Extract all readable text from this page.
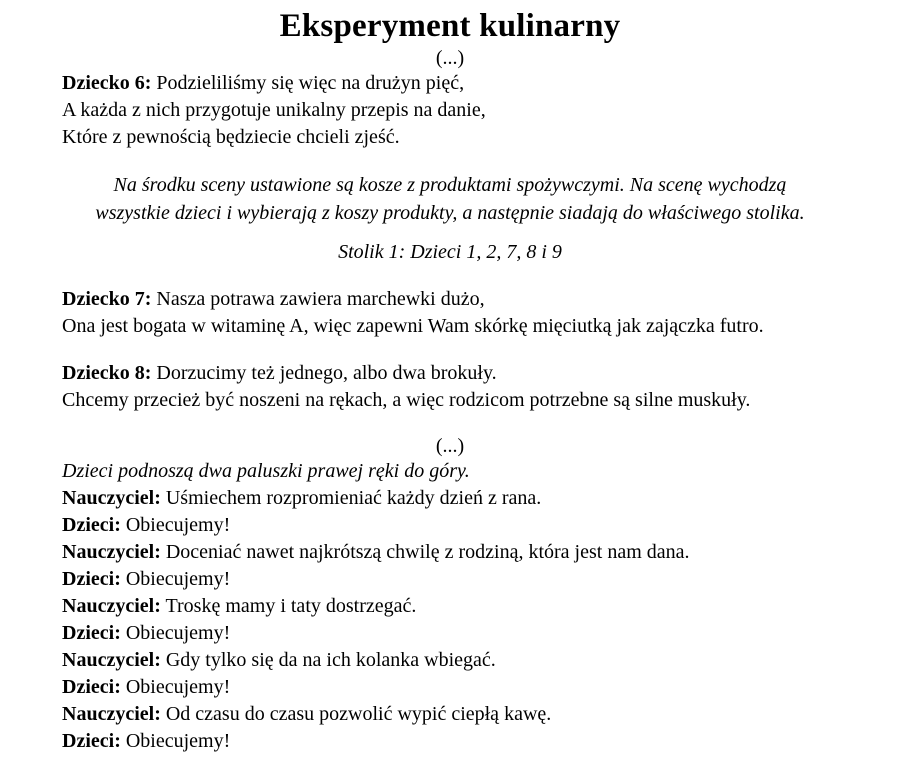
Eksperyment kulinarny
(...)

Dziecko 6: Podzieliliśmy się więc na drużyn pięć,

A każda z nich przygotuje unikalny przepis na danie,

Które z pewnością będziecie chcieli zjeść.

Na środku sceny ustawione są kosze z produktami spożywczymi. Na scenę wychodzą wszystkie dzieci i wybierają z koszy produkty, a następnie siadają do właściwego stolika.

Stolik 1: Dzieci 1, 2, 7, 8 i 9

Dziecko 7: Nasza potrawa zawiera marchewki dużo,

Ona jest bogata w witaminę A, więc zapewni Wam skórkę mięciutką jak zajączka futro.

Dziecko 8: Dorzucimy też jednego, albo dwa brokuły.

Chcemy przecież być noszeni na rękach, a więc rodzicom potrzebne są silne muskuły.

(...)

Dzieci podnoszą dwa paluszki prawej ręki do góry.

Nauczyciel: Uśmiechem rozpromieniać każdy dzień z rana.
Dzieci: Obiecujemy!
Nauczyciel: Doceniać nawet najkrótszą chwilę z rodziną, która jest nam dana.
Dzieci: Obiecujemy!
Nauczyciel: Troskę mamy i taty dostrzegać.
Dzieci: Obiecujemy!
Nauczyciel: Gdy tylko się da na ich kolanka wbiegać.
Dzieci: Obiecujemy!
Nauczyciel: Od czasu do czasu pozwolić wypić ciepłą kawę.
Dzieci: Obiecujemy!
